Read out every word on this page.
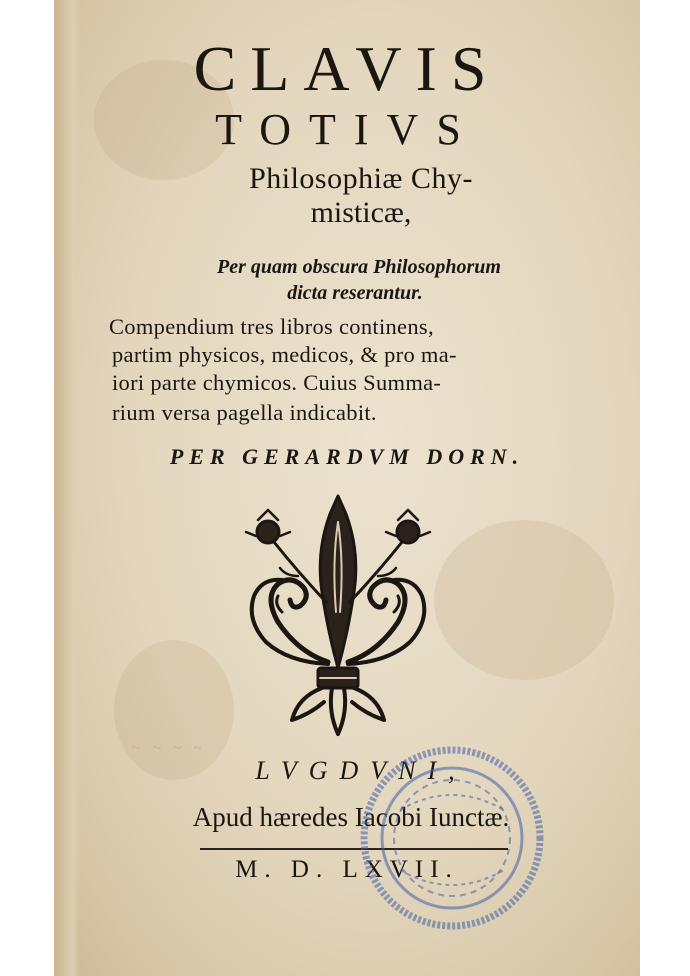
CLAVIS
TOTIVS
Philosophiæ Chy-
misticæ,
Per quam obscura Philosophorum
dicta reserantur.
Compendium tres libros continens,
partim physicos, medicos, & pro ma-
iori parte chymicos. Cuius Summa-
rium versa pagella indicabit.
PER GERARDVM DORN.
~ ~ ~ ~
LVGDVNI,
Apud hæredes Iacobi Iunctæ.
M. D. LXVII.
